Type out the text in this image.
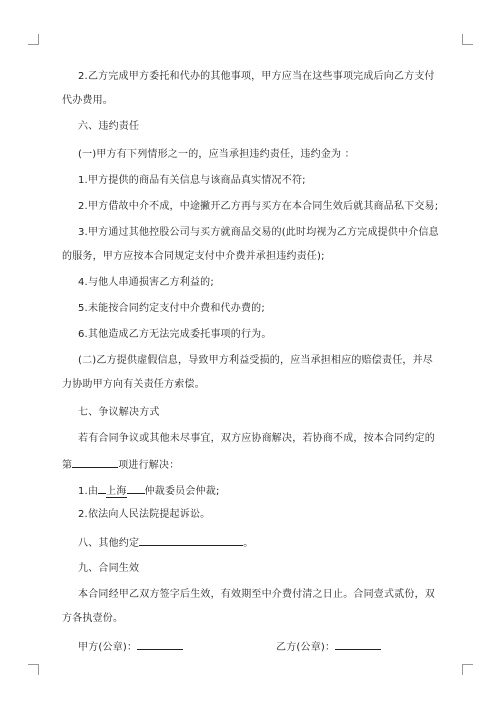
2.乙方完成甲方委托和代办的其他事项，甲方应当在这些事项完成后向乙方支付
代办费用。
六、违约责任
(一)甲方有下列情形之一的，应当承担违约责任，违约金为 ：
1.甲方提供的商品有关信息与该商品真实情况不符;
2.甲方借故中介不成，中途撇开乙方再与买方在本合同生效后就其商品私下交易;
3.甲方通过其他控股公司与买方就商品交易的(此时均视为乙方完成提供中介信息
的服务，甲方应按本合同规定支付中介费并承担违约责任);
4.与他人串通损害乙方利益的;
5.未能按合同约定支付中介费和代办费的;
6.其他造成乙方无法完成委托事项的行为。
(二)乙方提供虚假信息，导致甲方利益受损的，应当承担相应的赔偿责任，并尽
力协助甲方向有关责任方索偿。
七、争议解决方式
若有合同争议或其他未尽事宜，双方应协商解决，若协商不成，按本合同约定的
第	项进行解决：
1.由 上海 仲裁委员会仲裁;
2.依法向人民法院提起诉讼。
八、其他约定	。
九、合同生效
本合同经甲乙双方签字后生效，有效期至中介费付清之日止。合同壹式贰份，双
方各执壹份。
甲方(公章)：	乙方(公章)：
